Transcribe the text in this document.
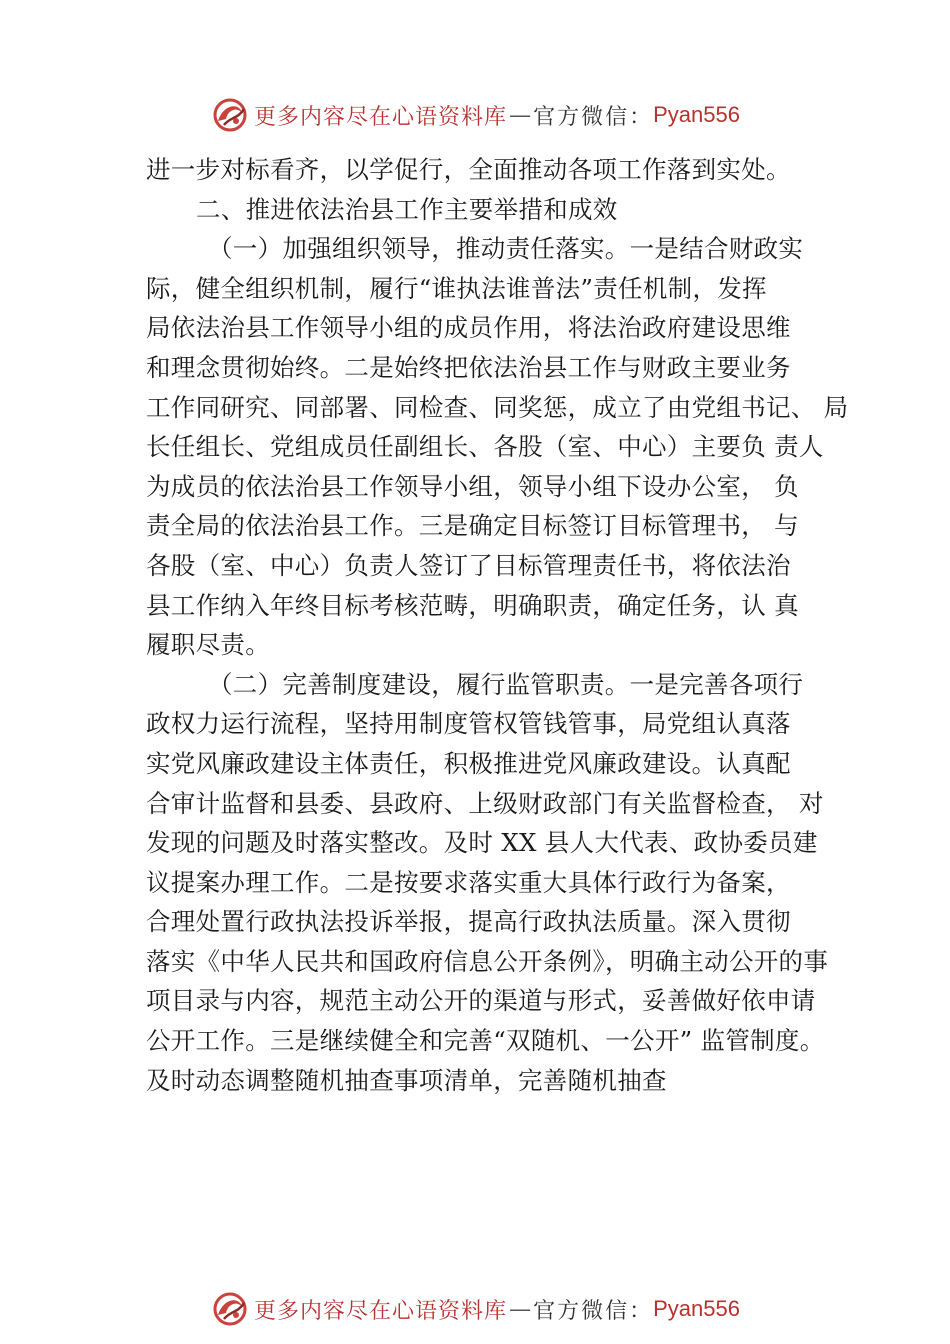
更多内容尽在心语资料库 — 官方微信： Pyan556
进一步对标看齐，以学促行，全面推动各项工作落到实处。
二、推进依法治县工作主要举措和成效
（一）加强组织领导，推动责任落实。一是结合财政实
际，健全组织机制，履行“谁执法谁普法”责任机制，发挥
局依法治县工作领导小组的成员作用，将法治政府建设思维
和理念贯彻始终。二是始终把依法治县工作与财政主要业务
工作同研究、同部署、同检查、同奖惩，成立了由党组书记、 局
长任组长、党组成员任副组长、各股（室、中心）主要负 责人
为成员的依法治县工作领导小组，领导小组下设办公室， 负
责全局的依法治县工作。三是确定目标签订目标管理书， 与
各股（室、中心）负责人签订了目标管理责任书，将依法治
县工作纳入年终目标考核范畴，明确职责，确定任务，认 真
履职尽责。
（二）完善制度建设，履行监管职责。一是完善各项行
政权力运行流程，坚持用制度管权管钱管事，局党组认真落
实党风廉政建设主体责任，积极推进党风廉政建设。认真配
合审计监督和县委、县政府、上级财政部门有关监督检查， 对
发现的问题及时落实整改。及时 XX 县人大代表、政协委员建
议提案办理工作。二是按要求落实重大具体行政行为备案，
合理处置行政执法投诉举报，提高行政执法质量。深入贯彻
落实《中华人民共和国政府信息公开条例》，明确主动公开的事
项目录与内容，规范主动公开的渠道与形式，妥善做好依申请
公开工作。三是继续健全和完善“双随机、一公开” 监管制度。
及时动态调整随机抽查事项清单，完善随机抽查
更多内容尽在心语资料库 — 官方微信： Pyan556
